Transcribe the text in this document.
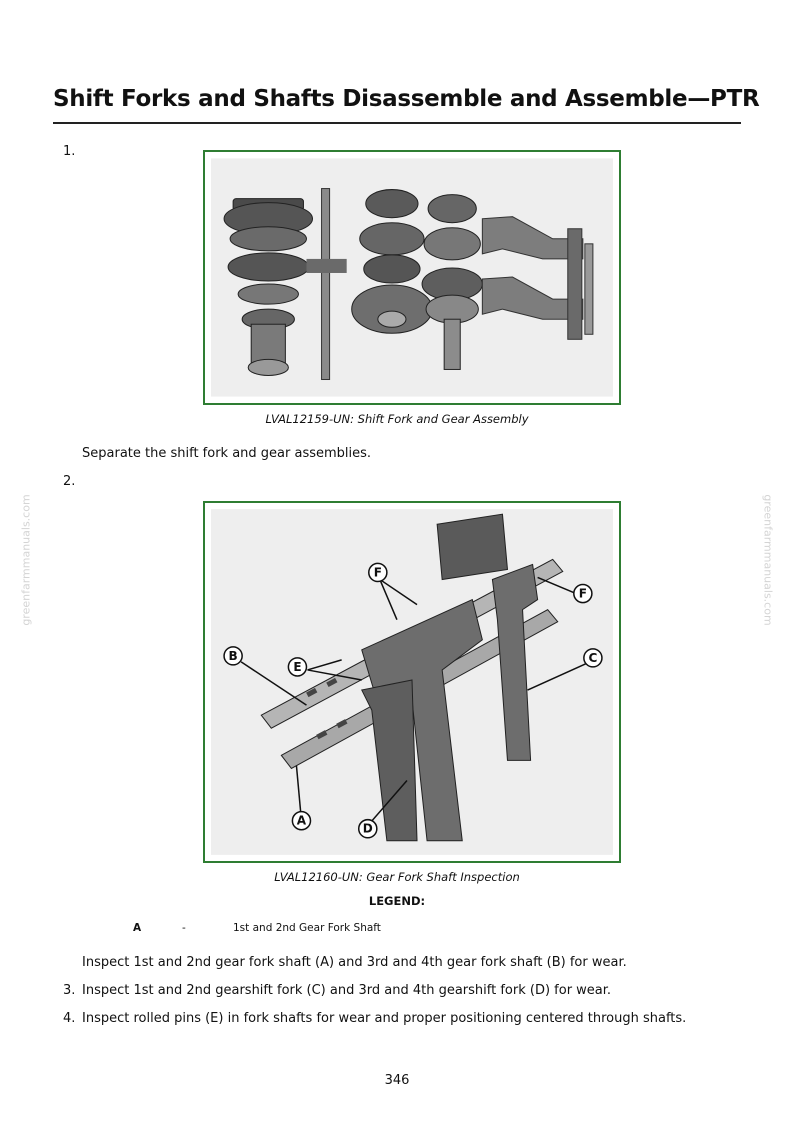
greenfarmmanuals.com	greenfarmmanuals.com
Shift Forks and Shafts Disassemble and Assemble—PTR
1.
LVAL12159-UN: Shift Fork and Gear Assembly
Separate the shift fork and gear assemblies.
2.
B
E
F
F
C
A
D
LVAL12160-UN: Gear Fork Shaft Inspection
LEGEND:
A	-	1st and 2nd Gear Fork Shaft
Inspect 1st and 2nd gear fork shaft (A) and 3rd and 4th gear fork shaft (B) for wear.
3. Inspect 1st and 2nd gearshift fork (C) and 3rd and 4th gearshift fork (D) for wear.
4. Inspect rolled pins (E) in fork shafts for wear and proper positioning centered through shafts.
346
